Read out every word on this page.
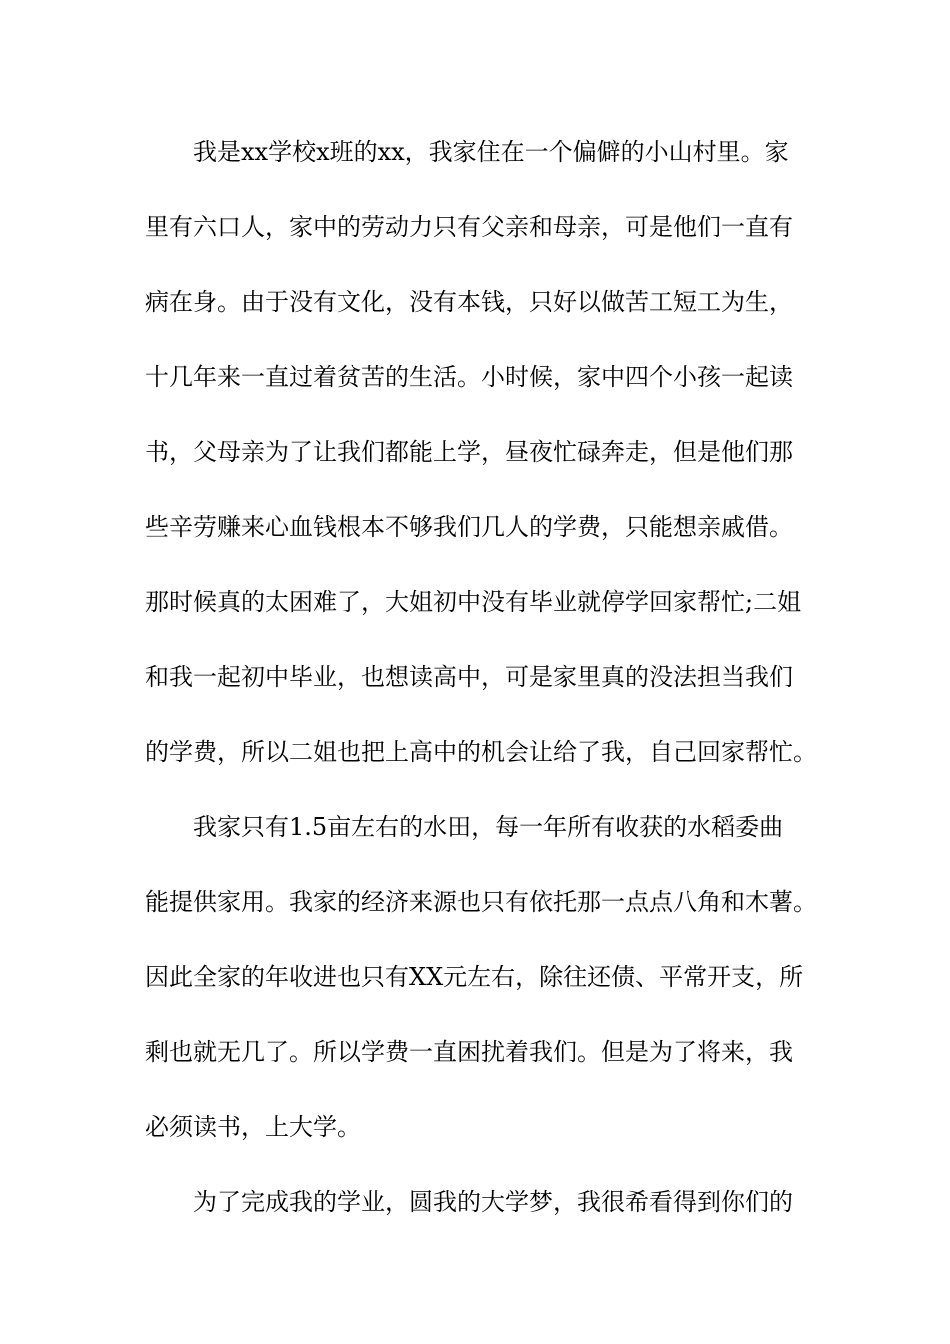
我是xx学校x班的xx，我家住在一个偏僻的小山村里。家
里有六口人，家中的劳动力只有父亲和母亲，可是他们一直有
病在身。由于没有文化，没有本钱，只好以做苦工短工为生，
十几年来一直过着贫苦的生活。小时候，家中四个小孩一起读
书，父母亲为了让我们都能上学，昼夜忙碌奔走，但是他们那
些辛劳赚来心血钱根本不够我们几人的学费，只能想亲戚借。
那时候真的太困难了，大姐初中没有毕业就停学回家帮忙;二姐
和我一起初中毕业，也想读高中，可是家里真的没法担当我们
的学费，所以二姐也把上高中的机会让给了我，自己回家帮忙。
我家只有1.5亩左右的水田，每一年所有收获的水稻委曲
能提供家用。我家的经济来源也只有依托那一点点八角和木薯。
因此全家的年收进也只有XX元左右，除往还债、平常开支，所
剩也就无几了。所以学费一直困扰着我们。但是为了将来，我
必须读书，上大学。
为了完成我的学业，圆我的大学梦，我很希看得到你们的
